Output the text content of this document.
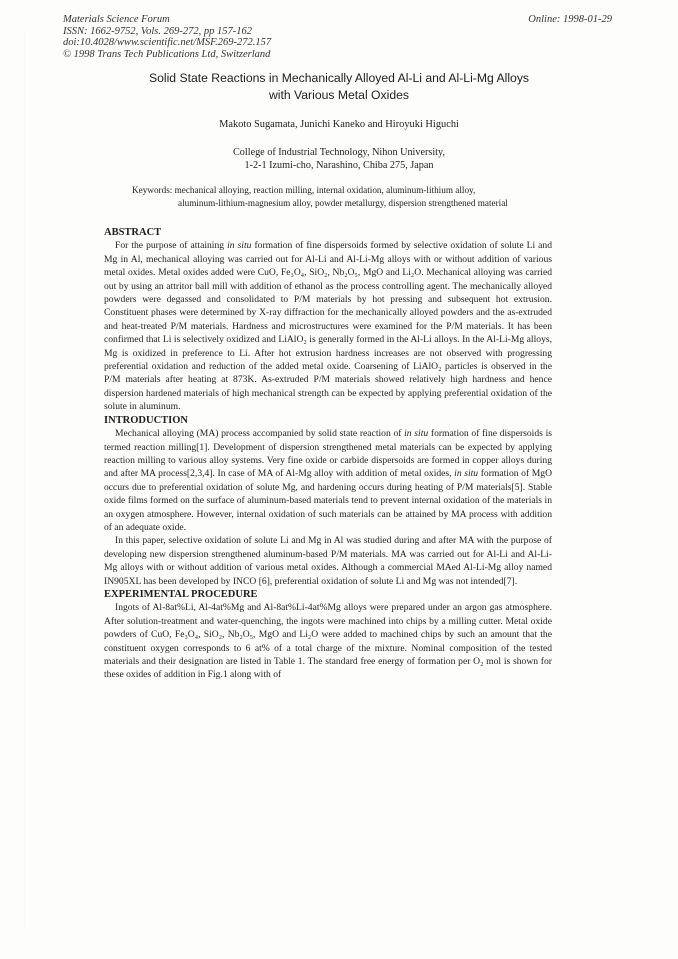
Materials Science Forum
ISSN: 1662-9752, Vols. 269-272, pp 157-162
doi:10.4028/www.scientific.net/MSF.269-272.157
© 1998 Trans Tech Publications Ltd, Switzerland
Online: 1998-01-29
Solid State Reactions in Mechanically Alloyed Al-Li and Al-Li-Mg Alloys
with Various Metal Oxides
Makoto Sugamata, Junichi Kaneko and Hiroyuki Higuchi
College of Industrial Technology, Nihon University,
1-2-1 Izumi-cho, Narashino, Chiba 275, Japan
Keywords: mechanical alloying, reaction milling, internal oxidation, aluminum-lithium alloy,
aluminum-lithium-magnesium alloy, powder metallurgy, dispersion strengthened material
ABSTRACT

For the purpose of attaining in situ formation of fine dispersoids formed by selective oxidation of solute Li and Mg in Al, mechanical alloying was carried out for Al-Li and Al-Li-Mg alloys with or without addition of various metal oxides. Metal oxides added were CuO, Fe₃O₄, SiO₂, Nb₂O₅, MgO and Li₂O. Mechanical alloying was carried out by using an attritor ball mill with addition of ethanol as the process controlling agent. The mechanically alloyed powders were degassed and consolidated to P/M materials by hot pressing and subsequent hot extrusion. Constituent phases were determined by X-ray diffraction for the mechanically alloyed powders and the as-extruded and heat-treated P/M materials. Hardness and microstructures were examined for the P/M materials. It has been confirmed that Li is selectively oxidized and LiAlO₂ is generally formed in the Al-Li alloys. In the Al-Li-Mg alloys, Mg is oxidized in preference to Li. After hot extrusion hardness increases are not observed with progressing preferential oxidation and reduction of the added metal oxide. Coarsening of LiAlO₂ particles is observed in the P/M materials after heating at 873K. As-extruded P/M materials showed relatively high hardness and hence dispersion hardened materials of high mechanical strength can be expected by applying preferential oxidation of the solute in aluminum.

INTRODUCTION

Mechanical alloying (MA) process accompanied by solid state reaction of in situ formation of fine dispersoids is termed reaction milling[1]. Development of dispersion strengthened metal materials can be expected by applying reaction milling to various alloy systems. Very fine oxide or carbide dispersoids are formed in copper alloys during and after MA process[2,3,4]. In case of MA of Al-Mg alloy with addition of metal oxides, in situ formation of MgO occurs due to preferential oxidation of solute Mg, and hardening occurs during heating of P/M materials[5]. Stable oxide films formed on the surface of aluminum-based materials tend to prevent internal oxidation of the materials in an oxygen atmosphere. However, internal oxidation of such materials can be attained by MA process with addition of an adequate oxide.

In this paper, selective oxidation of solute Li and Mg in Al was studied during and after MA with the purpose of developing new dispersion strengthened aluminum-based P/M materials. MA was carried out for Al-Li and Al-Li-Mg alloys with or without addition of various metal oxides. Although a commercial MAed Al-Li-Mg alloy named IN905XL has been developed by INCO [6], preferential oxidation of solute Li and Mg was not intended[7].

EXPERIMENTAL PROCEDURE

Ingots of Al-8at%Li, Al-4at%Mg and Al-8at%Li-4at%Mg alloys were prepared under an argon gas atmosphere. After solution-treatment and water-quenching, the ingots were machined into chips by a milling cutter. Metal oxide powders of CuO, Fe₃O₄, SiO₂, Nb₂O₅, MgO and Li₂O were added to machined chips by such an amount that the constituent oxygen corresponds to 6 at% of a total charge of the mixture. Nominal composition of the tested materials and their designation are listed in Table 1. The standard free energy of formation per O₂ mol is shown for these oxides of addition in Fig.1 along with of
